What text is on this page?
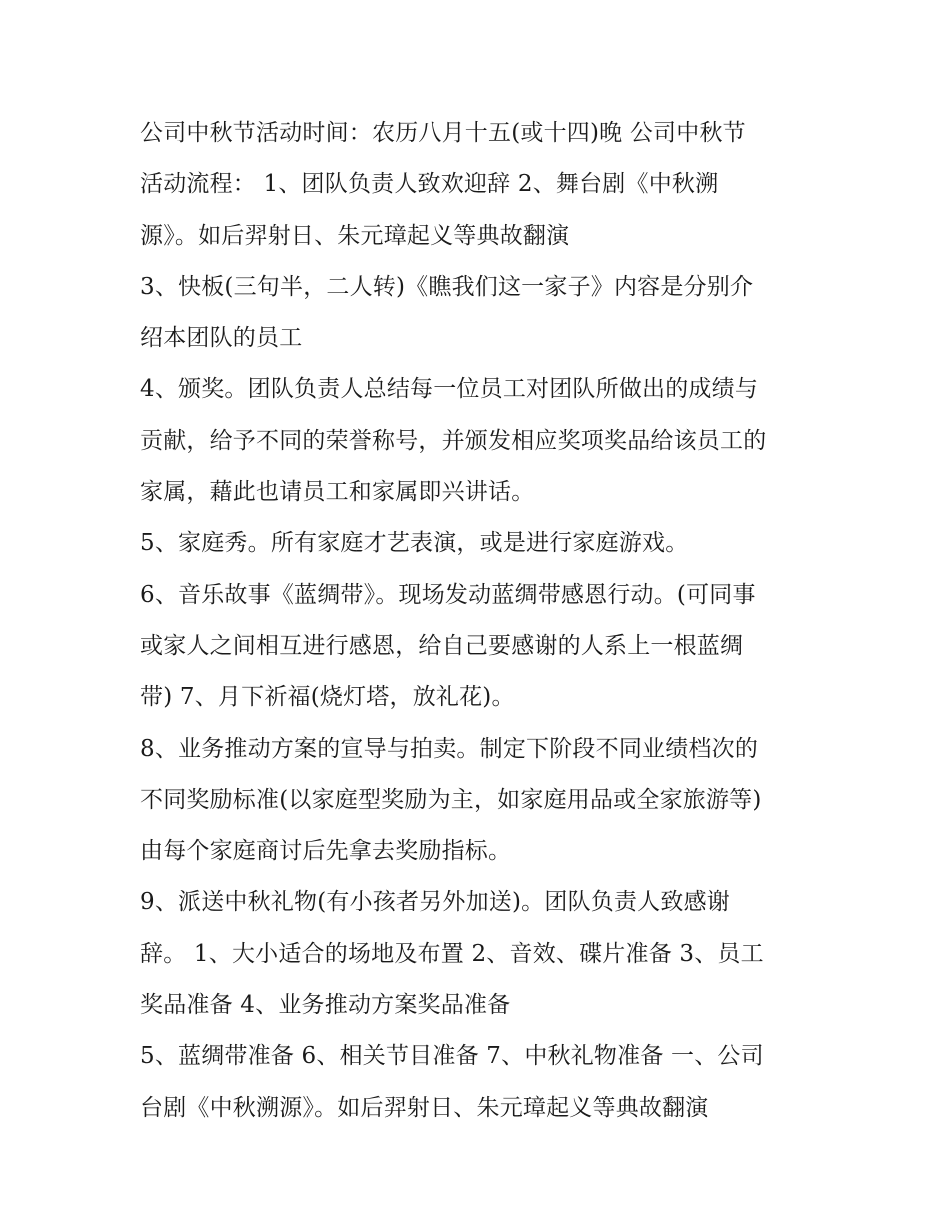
公司中秋节活动时间：农历八月十五(或十四)晚 公司中秋节
活动流程： 1、团队负责人致欢迎辞 2、舞台剧《中秋溯
源》。如后羿射日、朱元璋起义等典故翻演
3、快板(三句半，二人转)《瞧我们这一家子》内容是分别介
绍本团队的员工
4、颁奖。团队负责人总结每一位员工对团队所做出的成绩与
贡献，给予不同的荣誉称号，并颁发相应奖项奖品给该员工的
家属，藉此也请员工和家属即兴讲话。
5、家庭秀。所有家庭才艺表演，或是进行家庭游戏。
6、音乐故事《蓝绸带》。现场发动蓝绸带感恩行动。(可同事
或家人之间相互进行感恩，给自己要感谢的人系上一根蓝绸
带) 7、月下祈福(烧灯塔，放礼花)。
8、业务推动方案的宣导与拍卖。制定下阶段不同业绩档次的
不同奖励标准(以家庭型奖励为主，如家庭用品或全家旅游等)
由每个家庭商讨后先拿去奖励指标。
9、派送中秋礼物(有小孩者另外加送)。团队负责人致感谢
辞。 1、大小适合的场地及布置 2、音效、碟片准备 3、员工
奖品准备 4、业务推动方案奖品准备
5、蓝绸带准备 6、相关节目准备 7、中秋礼物准备 一、公司
台剧《中秋溯源》。如后羿射日、朱元璋起义等典故翻演
